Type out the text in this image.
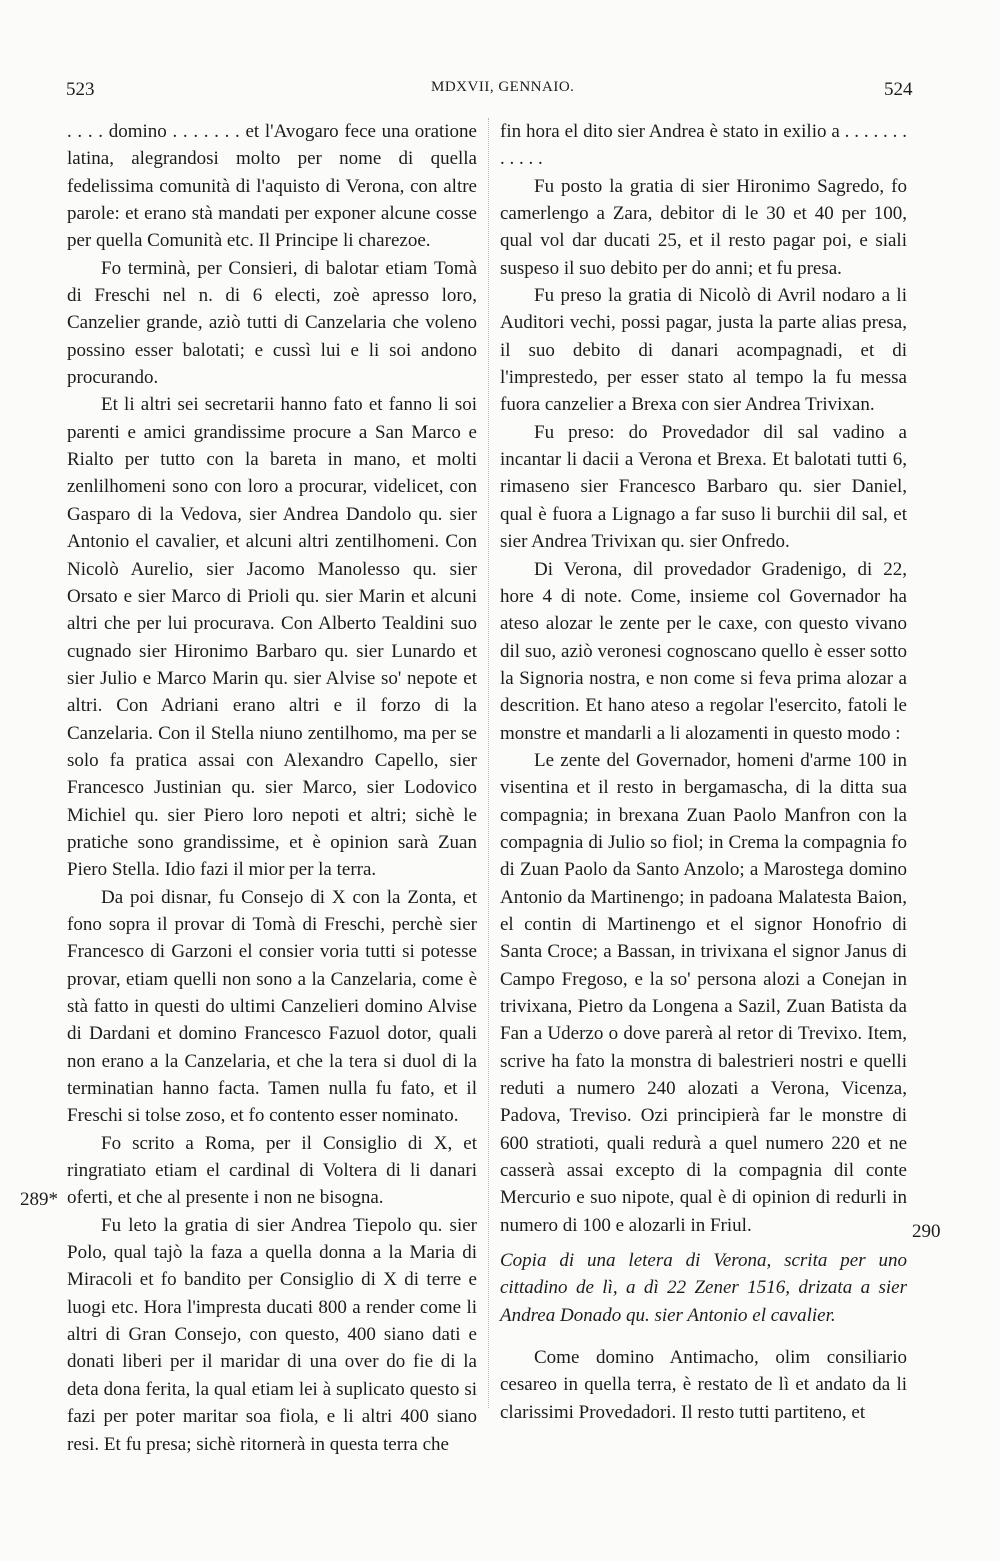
523	MDXVII, GENNAIO.	524

. . . . domino . . . . . . . et l'Avogaro fece una oratione latina, alegrandosi molto per nome di quella fedelissima comunità di l'aquisto di Verona, con altre parole: et erano stà mandati per exponer alcune cosse per quella Comunità etc. Il Principe li charezoe.

Fo terminà, per Consieri, di balotar etiam Tomà di Freschi nel n. di 6 electi, zoè apresso loro, Canzelier grande, aziò tutti di Canzelaria che voleno possino esser balotati; e cussì lui e li soi andono procurando.

Et li altri sei secretarii hanno fato et fanno li soi parenti e amici grandissime procure a San Marco e Rialto per tutto con la bareta in mano, et molti zenlilhomeni sono con loro a procurar, videlicet, con Gasparo di la Vedova, sier Andrea Dandolo qu. sier Antonio el cavalier, et alcuni altri zentilhomeni. Con Nicolò Aurelio, sier Jacomo Manolesso qu. sier Orsato e sier Marco di Prioli qu. sier Marin et alcuni altri che per lui procurava. Con Alberto Tealdini suo cugnado sier Hironimo Barbaro qu. sier Lunardo et sier Julio e Marco Marin qu. sier Alvise so' nepote et altri. Con Adriani erano altri e il forzo di la Canzelaria. Con il Stella niuno zentilhomo, ma per se solo fa pratica assai con Alexandro Capello, sier Francesco Justinian qu. sier Marco, sier Lodovico Michiel qu. sier Piero loro nepoti et altri; sichè le pratiche sono grandissime, et è opinion sarà Zuan Piero Stella. Idio fazi il mior per la terra.

Da poi disnar, fu Consejo di X con la Zonta, et fono sopra il provar di Tomà di Freschi, perchè sier Francesco di Garzoni el consier voria tutti si potesse provar, etiam quelli non sono a la Canzelaria, come è stà fatto in questi do ultimi Canzelieri domino Alvise di Dardani et domino Francesco Fazuol dotor, quali non erano a la Canzelaria, et che la tera si duol di la terminatian hanno facta. Tamen nulla fu fato, et il Freschi si tolse zoso, et fo contento esser nominato.

Fo scrito a Roma, per il Consiglio di X, et ringratiato etiam el cardinal di Voltera di li danari oferti, et che al presente i non ne bisogna.

Fu leto la gratia di sier Andrea Tiepolo qu. sier Polo, qual tajò la faza a quella donna a la Maria di Miracoli et fo bandito per Consiglio di X di terre e luogi etc. Hora l'impresta ducati 800 a render come li altri di Gran Consejo, con questo, 400 siano dati e donati liberi per il maridar di una over do fie di la deta dona ferita, la qual etiam lei à suplicato questo si fazi per poter maritar soa fiola, e li altri 400 siano resi. Et fu presa; sichè ritornerà in questa terra che

fin hora el dito sier Andrea è stato in exilio a . . . . . . . . . . . .

Fu posto la gratia di sier Hironimo Sagredo, fo camerlengo a Zara, debitor di le 30 et 40 per 100, qual vol dar ducati 25, et il resto pagar poi, e siali suspeso il suo debito per do anni; et fu presa.

Fu preso la gratia di Nicolò di Avril nodaro a li Auditori vechi, possi pagar, justa la parte alias presa, il suo debito di danari acompagnadi, et di l'imprestedo, per esser stato al tempo la fu messa fuora canzelier a Brexa con sier Andrea Trivixan.

Fu preso: do Provedador dil sal vadino a incantar li dacii a Verona et Brexa. Et balotati tutti 6, rimaseno sier Francesco Barbaro qu. sier Daniel, qual è fuora a Lignago a far suso li burchii dil sal, et sier Andrea Trivixan qu. sier Onfredo.

Di Verona, dil provedador Gradenigo, di 22, hore 4 di note. Come, insieme col Governador ha ateso alozar le zente per le caxe, con questo vivano dil suo, aziò veronesi cognoscano quello è esser sotto la Signoria nostra, e non come si feva prima alozar a descrition. Et hano ateso a regolar l'esercito, fatoli le monstre et mandarli a li alozamenti in questo modo :

Le zente del Governador, homeni d'arme 100 in visentina et il resto in bergamascha, di la ditta sua compagnia; in brexana Zuan Paolo Manfron con la compagnia di Julio so fiol; in Crema la compagnia fo di Zuan Paolo da Santo Anzolo; a Marostega domino Antonio da Martinengo; in padoana Malatesta Baion, el contin di Martinengo et el signor Honofrio di Santa Croce; a Bassan, in trivixana el signor Janus di Campo Fregoso, e la so' persona alozi a Conejan in trivixana, Pietro da Longena a Sazil, Zuan Batista da Fan a Uderzo o dove parerà al retor di Trevixo. Item, scrive ha fato la monstra di balestrieri nostri e quelli reduti a numero 240 alozati a Verona, Vicenza, Padova, Treviso. Ozi principierà far le monstre di 600 stratioti, quali redurà a quel numero 220 et ne casserà assai excepto di la compagnia dil conte Mercurio e suo nipote, qual è di opinion di redurli in numero di 100 e alozarli in Friul.

Copia di una letera di Verona, scrita per uno cittadino de lì, a dì 22 Zener 1516, drizata a sier Andrea Donado qu. sier Antonio el cavalier.

Come domino Antimacho, olim consiliario cesareo in quella terra, è restato de lì et andato da li clarissimi Provedadori. Il resto tutti partiteno, et

289*
290
